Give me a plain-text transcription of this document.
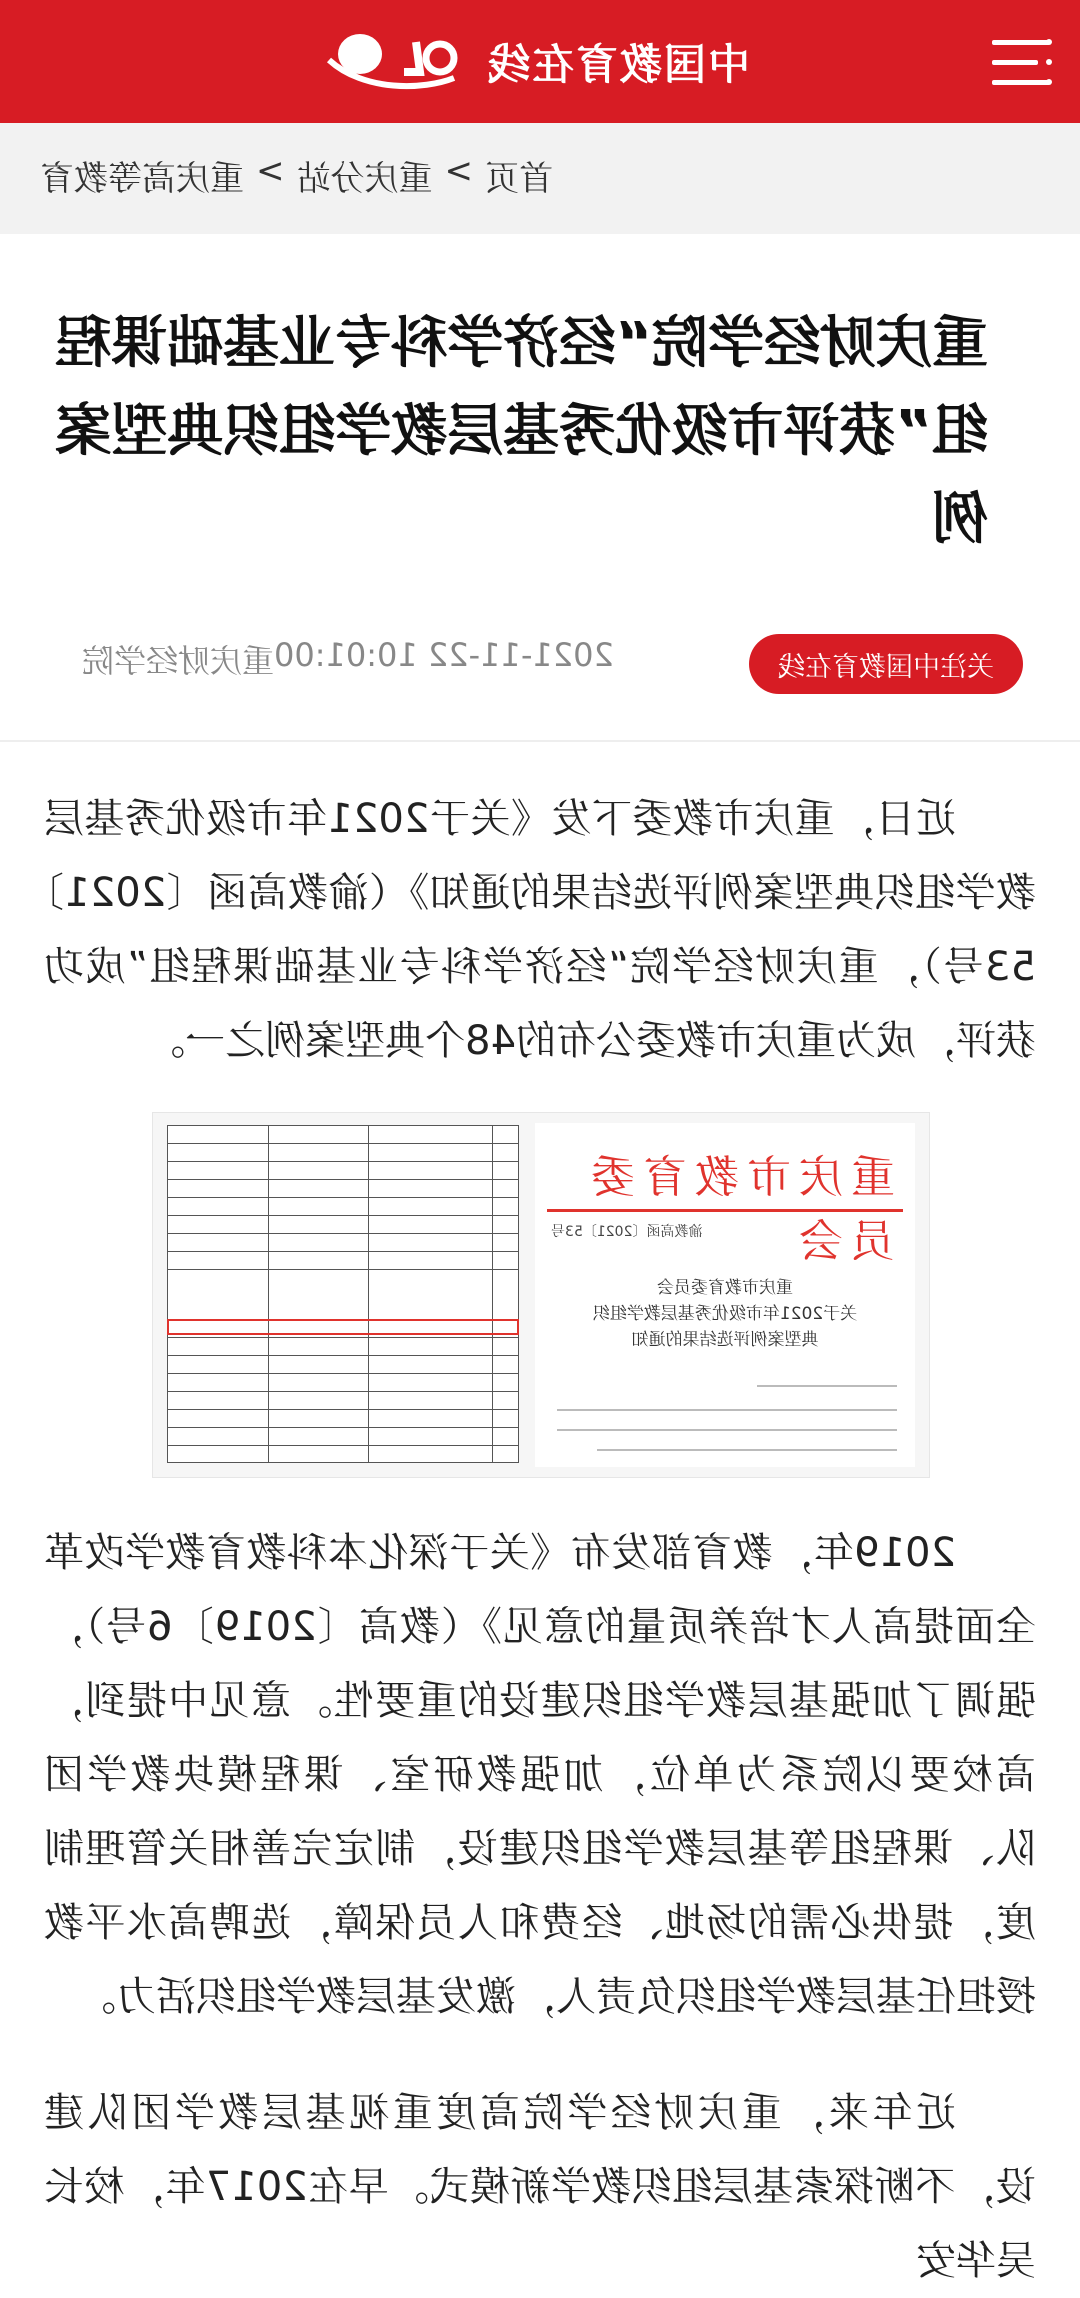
中国教育在线
首页
>
重庆分站
>
重庆高等教育
重庆财经学院“经济学科专业基础课程组”获评市级优秀基层教学组织典型案例
2021-11-22 10:01:00
重庆财经学院	关注中国教育在线

近日，重庆市教委下发《关于2021年市级优秀基层教学组织典型案例评选结果的通知》（渝教高函〔2021〕53号），重庆财经学院“经济学科专业基础课程组”成功获评，成为重庆市教委公布的48个典型案例之一。

重庆市教育委员会
渝教高函〔2021〕53号
重庆市教育委员会
关于2021年市级优秀基层教学组织
典型案例评选结果的通知

2019年，教育部发布《关于深化本科教育教学改革全面提高人才培养质量的意见》（教高〔2019〕6号），强调了加强基层教学组织建设的重要性。意见中提到，高校要以院系为单位，加强教研室、课程模块教学团队、课程组等基层教学组织建设，制定完善相关管理制度，提供必需的场地、经费和人员保障，选聘高水平教授担任基层教学组织负责人，激发基层教学组织活力。

近年来，重庆财经学院高度重视基层教学团队建设，不断探索基层组织教学新模式。早在2017年，校长吴华安
